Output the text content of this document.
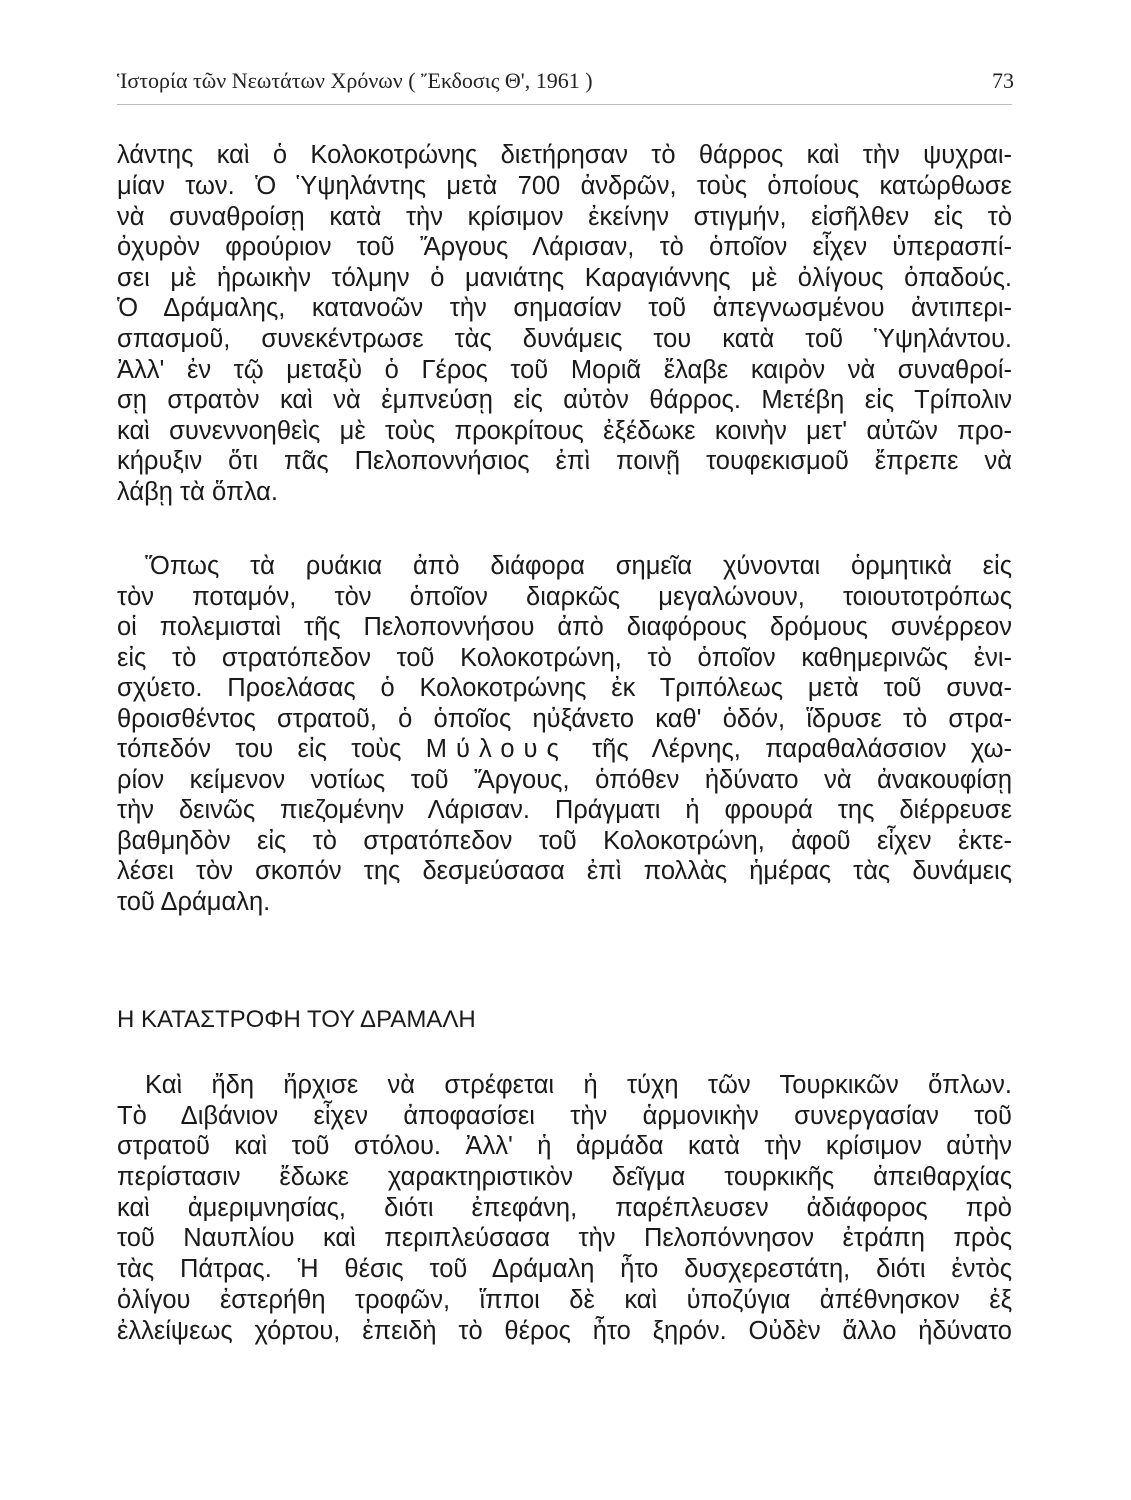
Ἱστορία τῶν Νεωτάτων Χρόνων ( Ἔκδοσις Θ', 1961 )	73
λάντης καὶ ὁ Κολοκοτρώνης διετήρησαν τὸ θάρρος καὶ τὴν ψυχραι-
μίαν των. Ὁ Ὑψηλάντης μετὰ 700 ἀνδρῶν, τοὺς ὁποίους κατώρθωσε
νὰ συναθροίσῃ κατὰ τὴν κρίσιμον ἐκείνην στιγμήν, εἰσῆλθεν εἰς τὸ
ὀχυρὸν φρούριον τοῦ Ἄργους Λάρισαν, τὸ ὁποῖον εἶχεν ὑπερασπί-
σει μὲ ἡρωικὴν τόλμην ὁ μανιάτης Καραγιάννης μὲ ὀλίγους ὀπαδούς.
Ὁ Δράμαλης, κατανοῶν τὴν σημασίαν τοῦ ἀπεγνωσμένου ἀντιπερι-
σπασμοῦ, συνεκέντρωσε τὰς δυνάμεις του κατὰ τοῦ Ὑψηλάντου.
Ἀλλ' ἐν τῷ μεταξὺ ὁ Γέρος τοῦ Μοριᾶ ἔλαβε καιρὸν νὰ συναθροί-
σῃ στρατὸν καὶ νὰ ἐμπνεύσῃ εἰς αὐτὸν θάρρος. Μετέβη εἰς Τρίπολιν
καὶ συνεννοηθεὶς μὲ τοὺς προκρίτους ἐξέδωκε κοινὴν μετ' αὐτῶν προ-
κήρυξιν ὅτι πᾶς Πελοποννήσιος ἐπὶ ποινῇ τουφεκισμοῦ ἔπρεπε νὰ
λάβῃ τὰ ὅπλα.
Ὅπως τὰ ρυάκια ἀπὸ διάφορα σημεῖα χύνονται ὁρμητικὰ εἰς
τὸν ποταμόν, τὸν ὁποῖον διαρκῶς μεγαλώνουν, τοιουτοτρόπως
οἱ πολεμισταὶ τῆς Πελοποννήσου ἀπὸ διαφόρους δρόμους συνέρρεον
εἰς τὸ στρατόπεδον τοῦ Κολοκοτρώνη, τὸ ὁποῖον καθημερινῶς ἐνι-
σχύετο. Προελάσας ὁ Κολοκοτρώνης ἐκ Τριπόλεως μετὰ τοῦ συνα-
θροισθέντος στρατοῦ, ὁ ὁποῖος ηὐξάνετο καθ' ὁδόν, ἵδρυσε τὸ στρα-
τόπεδόν του εἰς τοὺς Μύλους τῆς Λέρνης, παραθαλάσσιον χω-
ρίον κείμενον νοτίως τοῦ Ἄργους, ὁπόθεν ἠδύνατο νὰ ἀνακουφίσῃ
τὴν δεινῶς πιεζομένην Λάρισαν. Πράγματι ἡ φρουρά της διέρρευσε
βαθμηδὸν εἰς τὸ στρατόπεδον τοῦ Κολοκοτρώνη, ἀφοῦ εἶχεν ἐκτε-
λέσει τὸν σκοπόν της δεσμεύσασα ἐπὶ πολλὰς ἡμέρας τὰς δυνάμεις
τοῦ Δράμαλη.
Η ΚΑΤΑΣΤΡΟΦΗ ΤΟΥ ΔΡΑΜΑΛΗ
Καὶ ἤδη ἤρχισε νὰ στρέφεται ἡ τύχη τῶν Τουρκικῶν ὅπλων.
Τὸ Διβάνιον εἶχεν ἀποφασίσει τὴν ἁρμονικὴν συνεργασίαν τοῦ
στρατοῦ καὶ τοῦ στόλου. Ἀλλ' ἡ ἀρμάδα κατὰ τὴν κρίσιμον αὐτὴν
περίστασιν ἔδωκε χαρακτηριστικὸν δεῖγμα τουρκικῆς ἀπειθαρχίας
καὶ ἀμεριμνησίας, διότι ἐπεφάνη, παρέπλευσεν ἀδιάφορος πρὸ
τοῦ Ναυπλίου καὶ περιπλεύσασα τὴν Πελοπόννησον ἐτράπη πρὸς
τὰς Πάτρας. Ἡ θέσις τοῦ Δράμαλη ἦτο δυσχερεστάτη, διότι ἐντὸς
ὀλίγου ἐστερήθη τροφῶν, ἵπποι δὲ καὶ ὑποζύγια ἀπέθνησκον ἐξ
ἐλλείψεως χόρτου, ἐπειδὴ τὸ θέρος ἦτο ξηρόν. Οὐδὲν ἄλλο ἠδύνατο
